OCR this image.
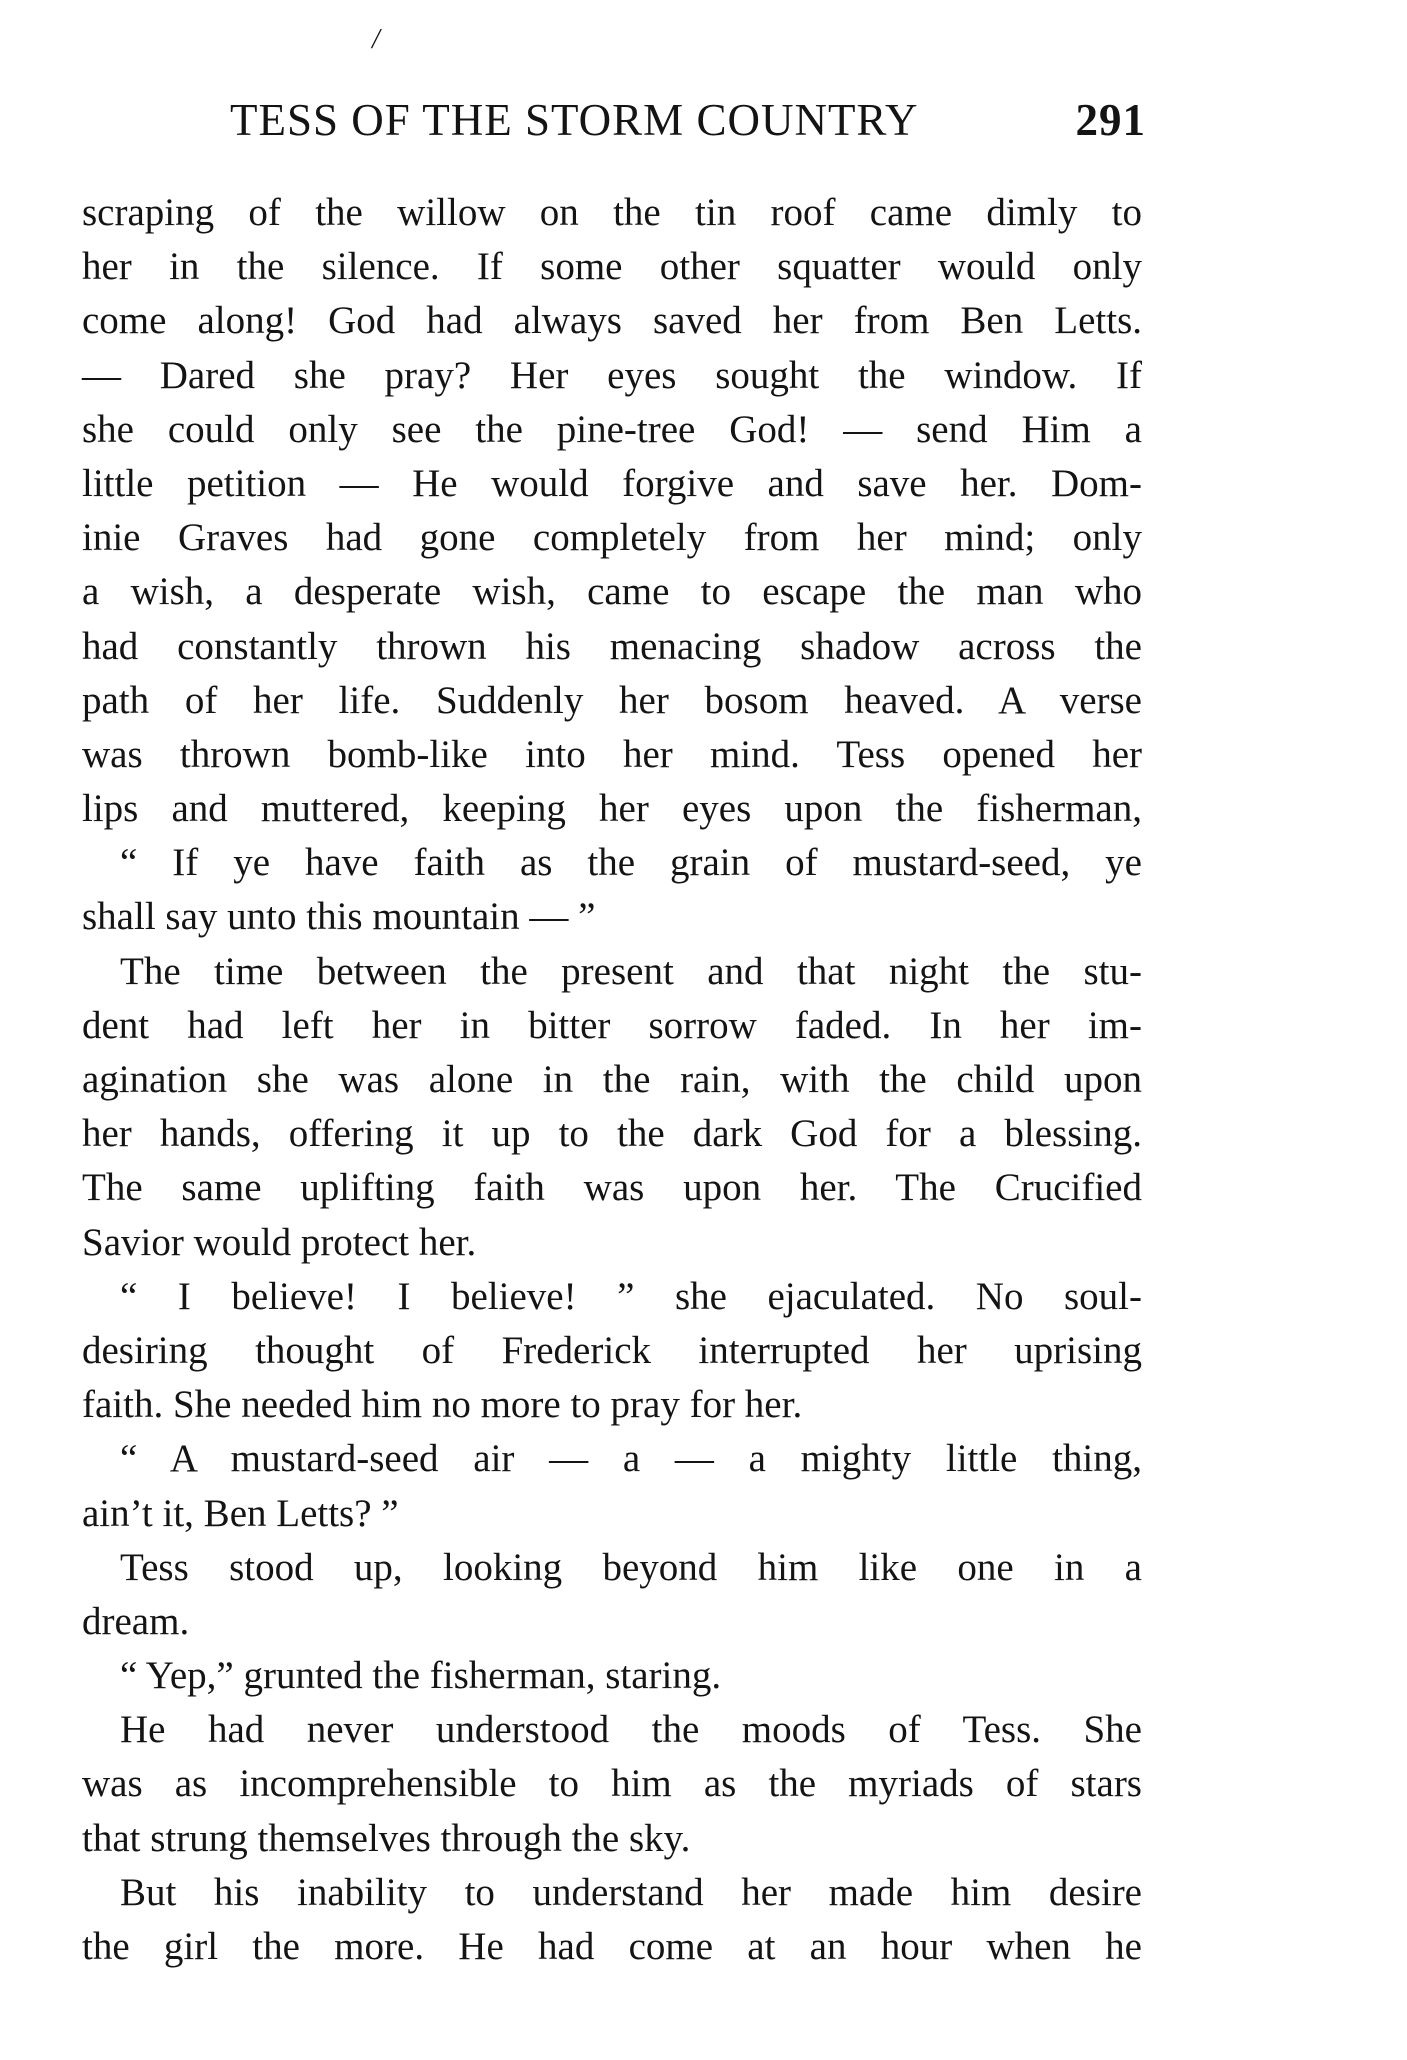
/
TESS OF THE STORM COUNTRY	291
scraping of the willow on the tin roof came dimly to
her in the silence. If some other squatter would only
come along! God had always saved her from Ben Letts.
— Dared she pray? Her eyes sought the window. If
she could only see the pine-tree God! — send Him a
little petition — He would forgive and save her. Dom-
inie Graves had gone completely from her mind; only
a wish, a desperate wish, came to escape the man who
had constantly thrown his menacing shadow across the
path of her life. Suddenly her bosom heaved. A verse
was thrown bomb-like into her mind. Tess opened her
lips and muttered, keeping her eyes upon the fisherman,
“ If ye have faith as the grain of mustard-seed, ye
shall say unto this mountain — ”
The time between the present and that night the stu-
dent had left her in bitter sorrow faded. In her im-
agination she was alone in the rain, with the child upon
her hands, offering it up to the dark God for a blessing.
The same uplifting faith was upon her. The Crucified
Savior would protect her.
“ I believe! I believe! ” she ejaculated. No soul-
desiring thought of Frederick interrupted her uprising
faith. She needed him no more to pray for her.
“ A mustard-seed air — a — a mighty little thing,
ain’t it, Ben Letts? ”
Tess stood up, looking beyond him like one in a
dream.
“ Yep,” grunted the fisherman, staring.
He had never understood the moods of Tess. She
was as incomprehensible to him as the myriads of stars
that strung themselves through the sky.
But his inability to understand her made him desire
the girl the more. He had come at an hour when he
